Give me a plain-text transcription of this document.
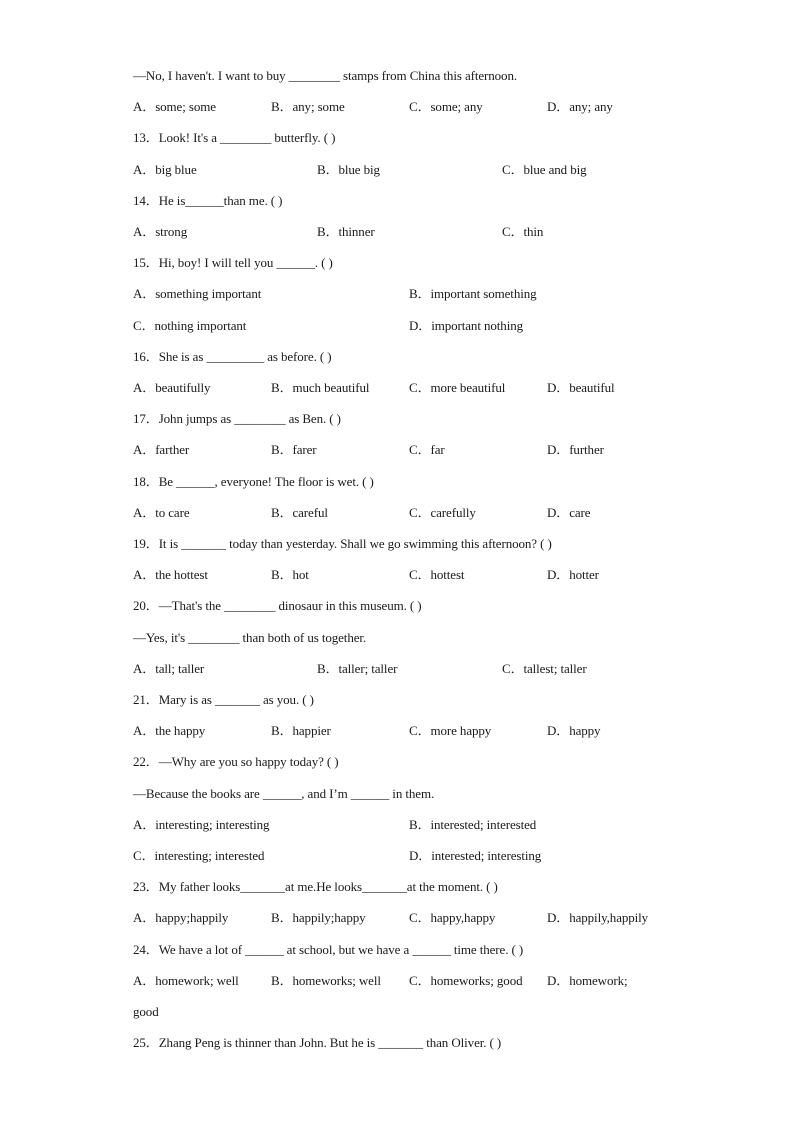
—No, I haven't. I want to buy ________ stamps from China this afternoon.
A．some; some	B．any; some	C．some; any	D．any; any
13．Look! It's a ________ butterfly. ( )
A．big blue	B．blue big	C．blue and big
14．He is______than me. ( )
A．strong	B．thinner	C．thin
15．Hi, boy! I will tell you ______. ( )
A．something important	B．important something
C．nothing important	D．important nothing
16．She is as _________ as before. ( )
A．beautifully	B．much beautiful	C．more beautiful	D．beautiful
17．John jumps as ________ as Ben. ( )
A．farther	B．farer	C．far	D．further
18．Be ______, everyone! The floor is wet. ( )
A．to care	B．careful	C．carefully	D．care
19．It is _______ today than yesterday. Shall we go swimming this afternoon? ( )
A．the hottest	B．hot	C．hottest	D．hotter
20．—That's the ________ dinosaur in this museum. ( )
—Yes, it's ________ than both of us together.
A．tall; taller	B．taller; taller	C．tallest; taller
21．Mary is as _______ as you. ( )
A．the happy	B．happier	C．more happy	D．happy
22．—Why are you so happy today? ( )
—Because the books are ______, and I’m ______ in them.
A．interesting; interesting	B．interested; interested
C．interesting; interested	D．interested; interesting
23．My father looks_______at me.He looks_______at the moment. ( )
A．happy;happily	B．happily;happy	C．happy,happy	D．happily,happily
24．We have a lot of ______ at school, but we have a ______ time there. ( )
A．homework; well B．homeworks; well C．homeworks; good D．homework;
good
25．Zhang Peng is thinner than John. But he is _______ than Oliver. ( )
